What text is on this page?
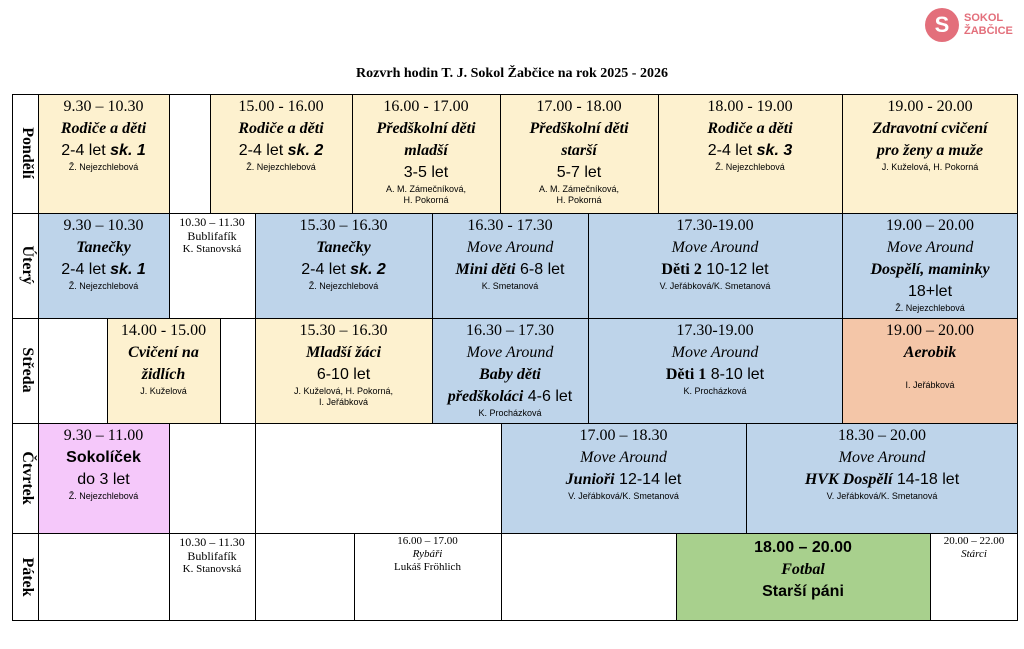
S	SOKOL
ŽABČICE
Rozvrh hodin T. J. Sokol Žabčice na rok 2025 - 2026
9.30 – 10.30
Rodiče a děti
2-4 let sk. 1
Ž. Nejezchlebová
15.00 - 16.00
Rodiče a děti
2-4 let sk. 2
Ž. Nejezchlebová
16.00 - 17.00
Předškolní děti
mladší
3-5 let
A. M. Zámečníková,
H. Pokorná
17.00 - 18.00
Předškolní děti
starší
5-7 let
A. M. Zámečníková,
H. Pokorná
18.00 - 19.00
Rodiče a děti
2-4 let sk. 3
Ž. Nejezchlebová
19.00 - 20.00
Zdravotní cvičení
pro ženy a muže
J. Kuželová, H. Pokorná
9.30 – 10.30
Tanečky
2-4 let sk. 1
Ž. Nejezchlebová
10.30 – 11.30
Bublifafík
K. Stanovská
15.30 – 16.30
Tanečky
2-4 let sk. 2
Ž. Nejezchlebová
16.30 - 17.30
Move Around
Mini děti 6-8 let
K. Smetanová
17.30-19.00
Move Around
Děti 2 10-12 let
V. Jeřábková/K. Smetanová
19.00 – 20.00
Move Around
Dospělí, maminky
18+let
Ž. Nejezchlebová
14.00 - 15.00
Cvičení na
židlích
J. Kuželová
15.30 – 16.30
Mladší žáci
6-10 let
J. Kuželová, H. Pokorná,
I. Jeřábková
16.30 – 17.30
Move Around
Baby děti
předškoláci 4-6 let
K. Procházková
17.30-19.00
Move Around
Děti 1 8-10 let
K. Procházková
19.00 – 20.00
Aerobik
I. Jeřábková
9.30 – 11.00
Sokolíček
do 3 let
Ž. Nejezchlebová
17.00 – 18.30
Move Around
Junioři 12-14 let
V. Jeřábková/K. Smetanová
18.30 – 20.00
Move Around
HVK Dospělí 14-18 let
V. Jeřábková/K. Smetanová
10.30 – 11.30
Bublifafík
K. Stanovská
16.00 – 17.00
Rybáři
Lukáš Fröhlich
18.00 – 20.00
Fotbal
Starší páni
20.00 – 22.00
Stárci
Pondělí
Úterý
Středa
Čtvrtek
Pátek
